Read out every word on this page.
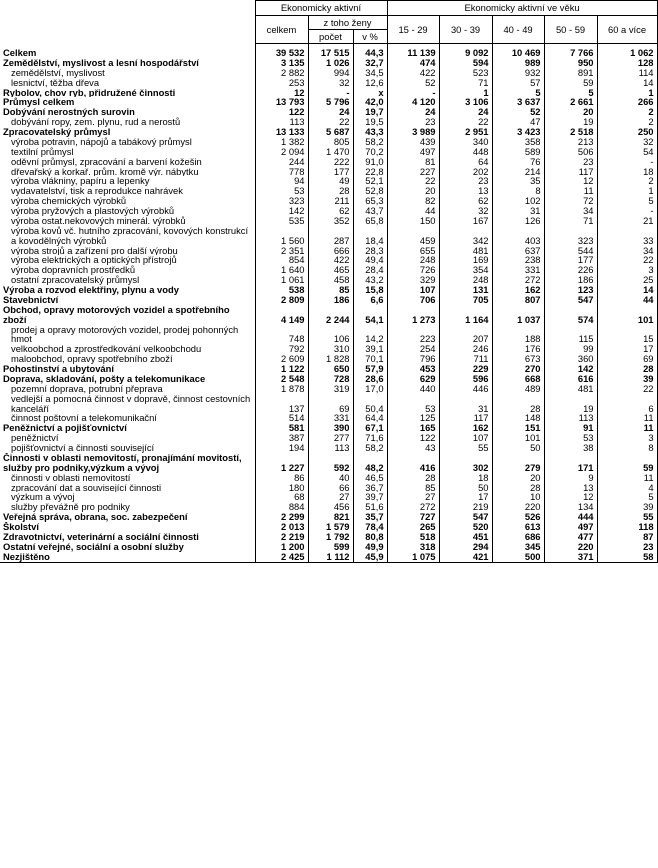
	Ekonomicky aktivní			Ekonomicky aktivní ve věku				
	celkem	z toho ženy		15 - 29	30 - 39	40 - 49	50 - 59	60 a více
		počet	v %					
Celkem	39 532	17 515	44,3	11 139	9 092	10 469	7 766	1 062
Zemědělství, myslivost a lesní hospodářství	3 135	1 026	32,7	474	594	989	950	128
zemědělství, myslivost	2 882	994	34,5	422	523	932	891	114
lesnictví, těžba dřeva	253	32	12,6	52	71	57	59	14
Rybolov, chov ryb, přidružené činnosti	12	-	x	-	1	5	5	1
Průmysl celkem	13 793	5 796	42,0	4 120	3 106	3 637	2 661	266
Dobývání nerostných surovin	122	24	19,7	24	24	52	20	2
dobývání ropy, zem. plynu, rud a nerostů	113	22	19,5	23	22	47	19	2
Zpracovatelský průmysl	13 133	5 687	43,3	3 989	2 951	3 423	2 518	250
výroba potravin, nápojů a tabákový průmysl	1 382	805	58,2	439	340	358	213	32
textilní průmysl	2 094	1 470	70,2	497	448	589	506	54
oděvní průmysl, zpracování a barvení kožešin	244	222	91,0	81	64	76	23	-
dřevařský a korkař. prům. kromě výr. nábytku	778	177	22,8	227	202	214	117	18
výroba vlákniny, papíru a lepenky	94	49	52,1	22	23	35	12	2
vydavatelství, tisk a reprodukce nahrávek	53	28	52,8	20	13	8	11	1
výroba chemických výrobků	323	211	65,3	82	62	102	72	5
výroba pryžových a plastových výrobků	142	62	43,7	44	32	31	34	-
výroba ostat.nekovových minerál. výrobků	535	352	65,8	150	167	126	71	21
výroba kovů vč. hutního zpracování, kovových konstrukcí a kovodělných výrobků	1 560	287	18,4	459	342	403	323	33
výroba strojů a zařízení pro další výrobu	2 351	666	28,3	655	481	637	544	34
výroba elektrických a optických přístrojů	854	422	49,4	248	169	238	177	22
výroba dopravních prostředků	1 640	465	28,4	726	354	331	226	3
ostatní zpracovatelský průmysl	1 061	458	43,2	329	248	272	186	25
Výroba a rozvod elektřiny, plynu a vody	538	85	15,8	107	131	162	123	14
Stavebnictví	2 809	186	6,6	706	705	807	547	44
Obchod, opravy motorových vozidel a spotřebního zboží	4 149	2 244	54,1	1 273	1 164	1 037	574	101
prodej a opravy motorových vozidel, prodej pohonných hmot	748	106	14,2	223	207	188	115	15
velkoobchod a zprostředkování velkoobchodu	792	310	39,1	254	246	176	99	17
maloobchod, opravy spotřebního zboží	2 609	1 828	70,1	796	711	673	360	69
Pohostinství a ubytování	1 122	650	57,9	453	229	270	142	28
Doprava, skladování, pošty a telekomunikace	2 548	728	28,6	629	596	668	616	39
pozemní doprava, potrubní přeprava	1 878	319	17,0	440	446	489	481	22
vedlejší a pomocná činnost v dopravě, činnost cestovních kanceláří	137	69	50,4	53	31	28	19	6
činnost poštovní a telekomunikační	514	331	64,4	125	117	148	113	11
Peněžnictví a pojišťovnictví	581	390	67,1	165	162	151	91	11
peněžnictví	387	277	71,6	122	107	101	53	3
pojišťovnictví a činnosti související	194	113	58,2	43	55	50	38	8
Činnosti v oblasti nemovitostí, pronajímání movitostí, služby pro podniky,výzkum a vývoj	1 227	592	48,2	416	302	279	171	59
činnosti v oblasti nemovitostí	86	40	46,5	28	18	20	9	11
zpracování dat a související činnosti	180	66	36,7	85	50	28	13	4
výzkum a vývoj	68	27	39,7	27	17	10	12	5
služby převážně pro podniky	884	456	51,6	272	219	220	134	39
Veřejná správa, obrana, soc. zabezpečení	2 299	821	35,7	727	547	526	444	55
Školství	2 013	1 579	78,4	265	520	613	497	118
Zdravotnictví, veterinární a sociální činnosti	2 219	1 792	80,8	518	451	686	477	87
Ostatní veřejné, sociální a osobní služby	1 200	599	49,9	318	294	345	220	23
Nezjištěno	2 425	1 112	45,9	1 075	421	500	371	58
